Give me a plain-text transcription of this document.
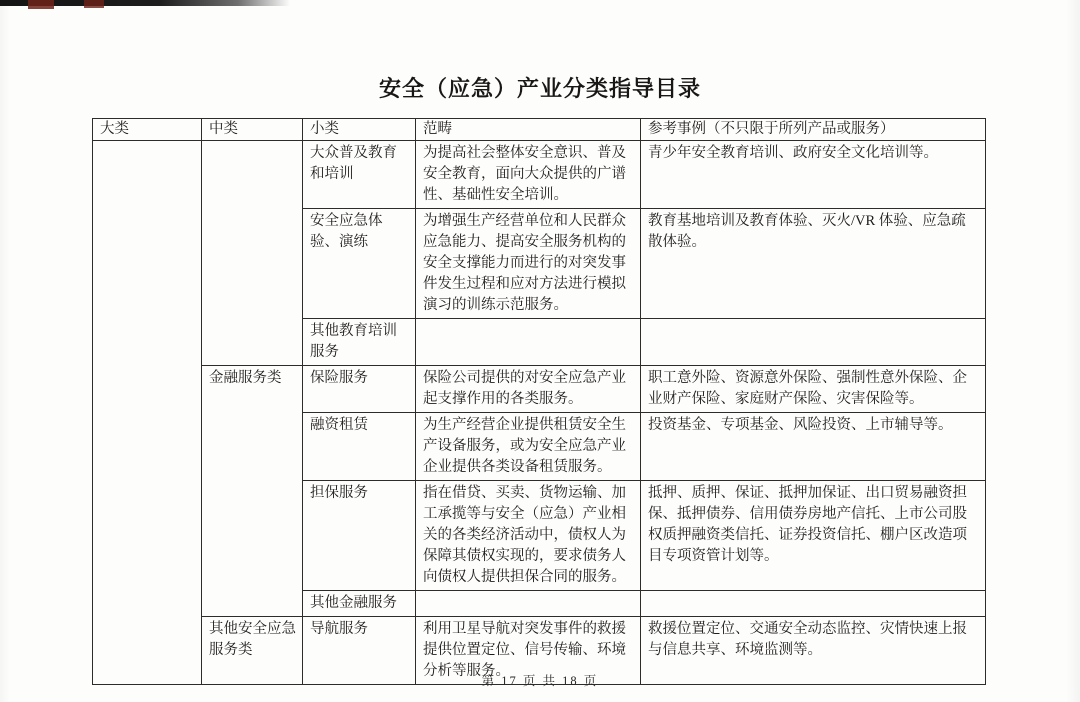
安全（应急）产业分类指导目录
大类	中类	小类	范畴	参考事例（不只限于所列产品或服务）
		大众普及教育和培训	为提高社会整体安全意识、普及安全教育，面向大众提供的广谱性、基础性安全培训。	青少年安全教育培训、政府安全文化培训等。
		安全应急体验、演练	为增强生产经营单位和人民群众应急能力、提高安全服务机构的安全支撑能力而进行的对突发事件发生过程和应对方法进行模拟演习的训练示范服务。	教育基地培训及教育体验、灭火/VR 体验、应急疏散体验。
		其他教育培训服务		
	金融服务类	保险服务	保险公司提供的对安全应急产业起支撑作用的各类服务。	职工意外险、资源意外保险、强制性意外保险、企业财产保险、家庭财产保险、灾害保险等。
		融资租赁	为生产经营企业提供租赁安全生产设备服务，或为安全应急产业企业提供各类设备租赁服务。	投资基金、专项基金、风险投资、上市辅导等。
		担保服务	指在借贷、买卖、货物运输、加工承揽等与安全（应急）产业相关的各类经济活动中，债权人为保障其债权实现的，要求债务人向债权人提供担保合同的服务。	抵押、质押、保证、抵押加保证、出口贸易融资担保、抵押债券、信用债券房地产信托、上市公司股权质押融资类信托、证券投资信托、棚户区改造项目专项资管计划等。
		其他金融服务		
	其他安全应急服务类	导航服务	利用卫星导航对突发事件的救援提供位置定位、信号传输、环境分析等服务。	救援位置定位、交通安全动态监控、灾情快速上报与信息共享、环境监测等。
第 17 页 共 18 页
